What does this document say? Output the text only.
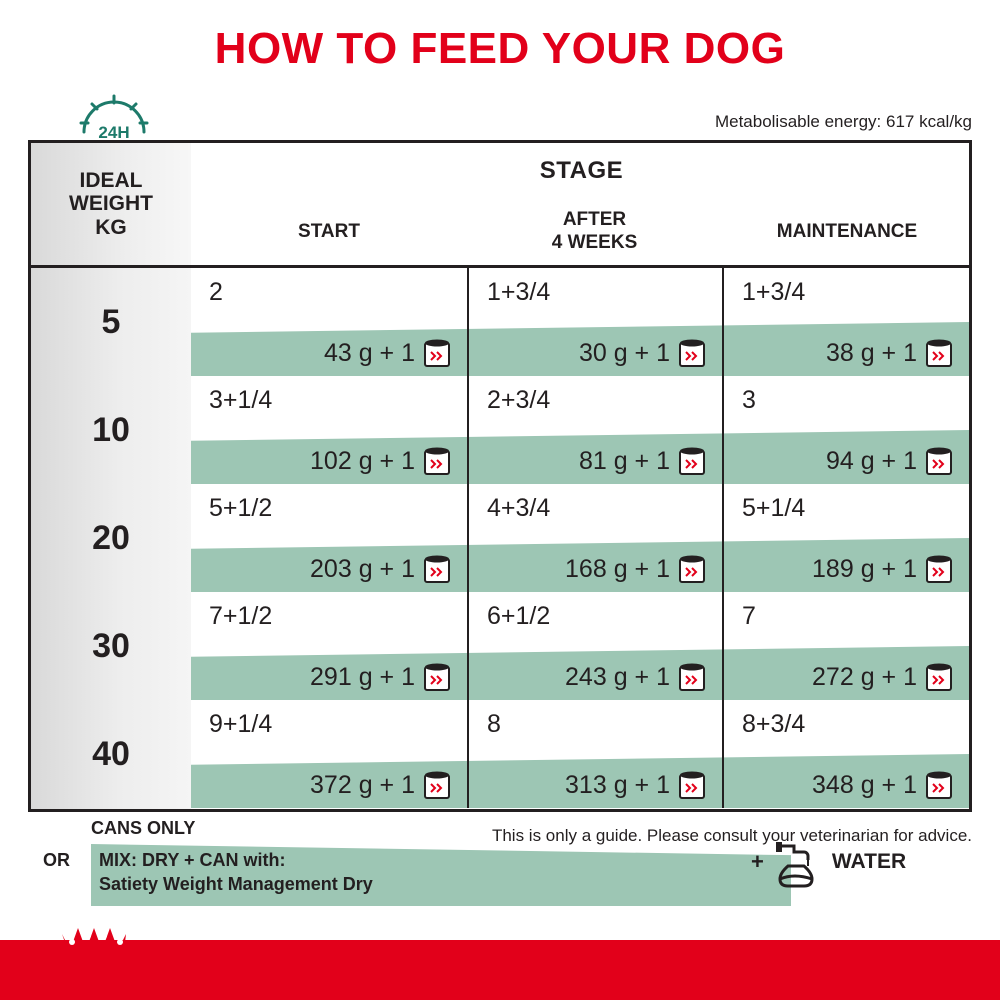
HOW TO FEED YOUR DOG
24H
Metabolisable energy: 617 kcal/kg
IDEAL
WEIGHT
KG
STAGE
START
AFTER
4 WEEKS
MAINTENANCE
5
10
20
30
40
2
43 g + 1
1+3/4
30 g + 1
1+3/4
38 g + 1
3+1/4
102 g + 1
2+3/4
81 g + 1
3
94 g + 1
5+1/2
203 g + 1
4+3/4
168 g + 1
5+1/4
189 g + 1
7+1/2
291 g + 1
6+1/2
243 g + 1
7
272 g + 1
9+1/4
372 g + 1
8
313 g + 1
8+3/4
348 g + 1
OR
CANS ONLY
MIX: DRY + CAN with:
Satiety Weight Management Dry
+	WATER
This is only a guide. Please consult your veterinarian for advice.
